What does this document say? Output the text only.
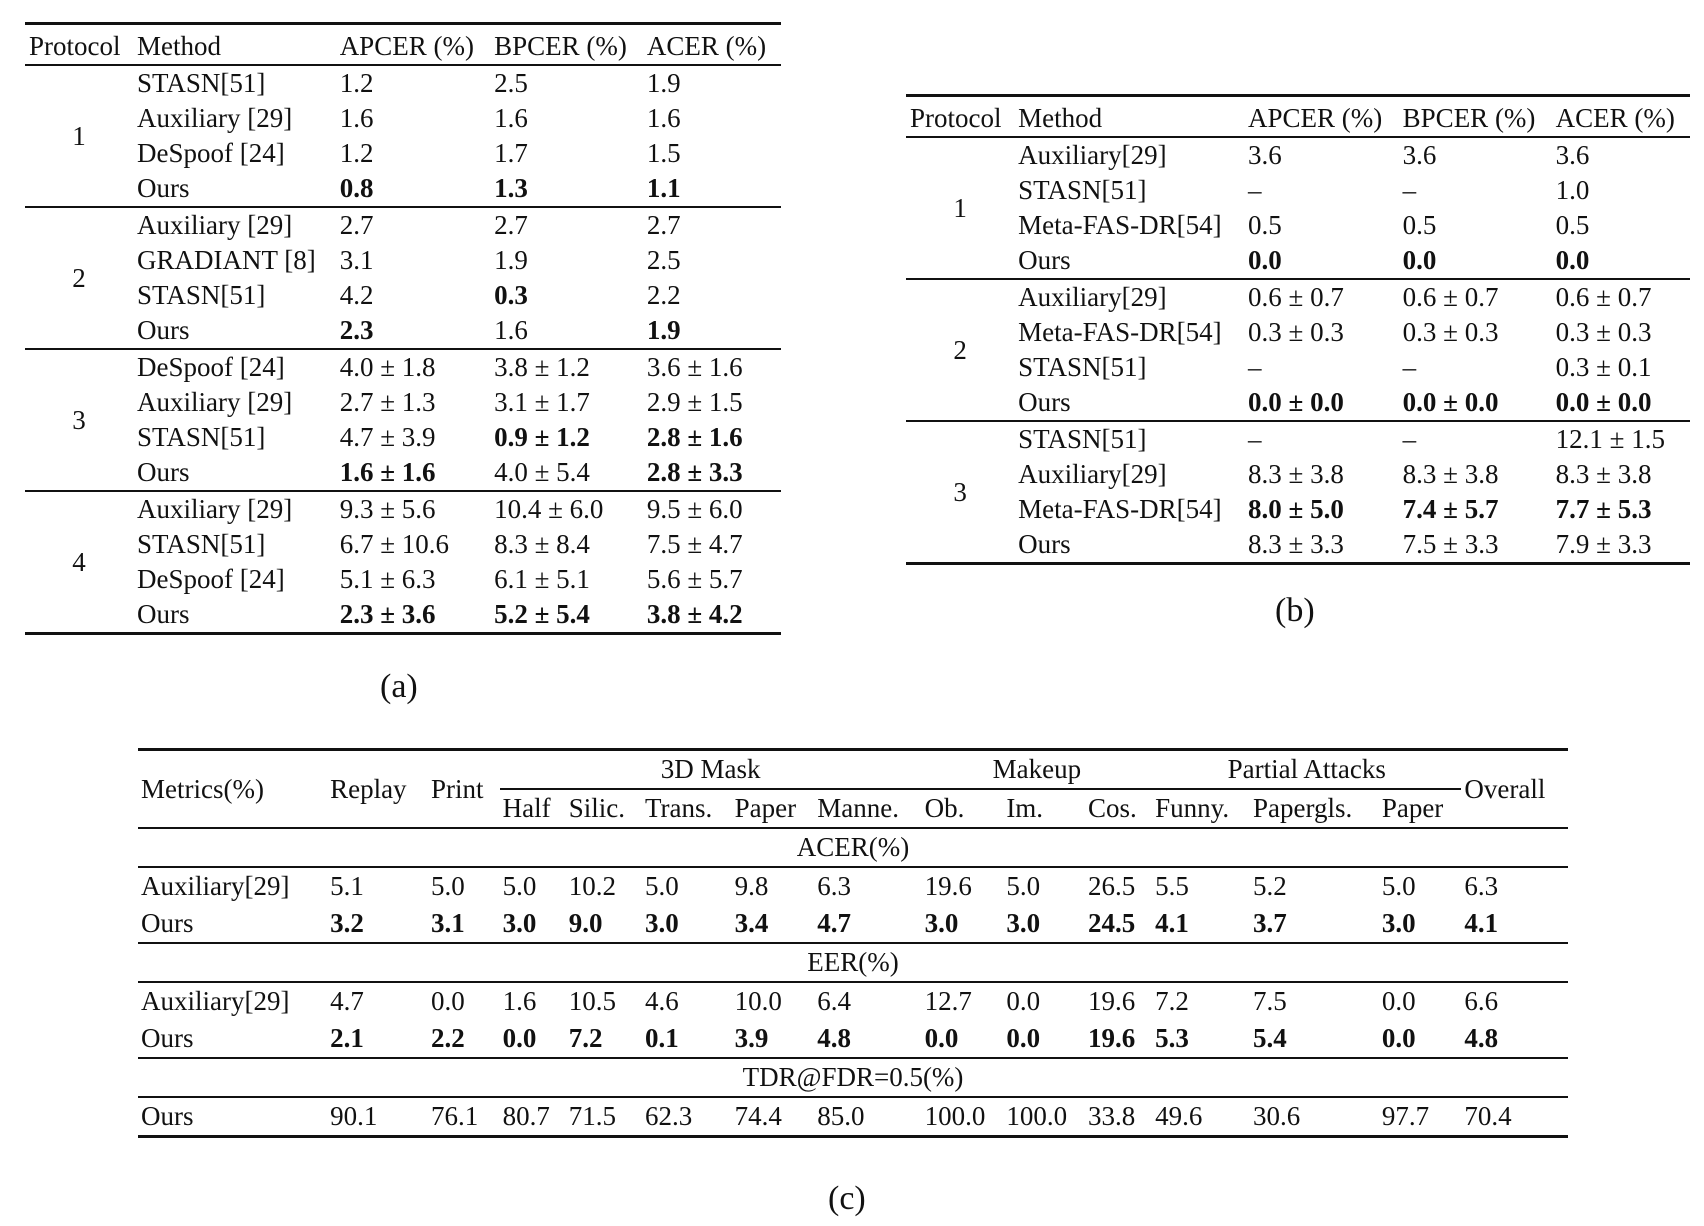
Protocol	Method	APCER (%)	BPCER (%)	ACER (%)
1	STASN[51]	1.2	2.5	1.9
	Auxiliary [29]	1.6	1.6	1.6
	DeSpoof [24]	1.2	1.7	1.5
	Ours	0.8	1.3	1.1
2	Auxiliary [29]	2.7	2.7	2.7
	GRADIANT [8]	3.1	1.9	2.5
	STASN[51]	4.2	0.3	2.2
	Ours	2.3	1.6	1.9
3	DeSpoof [24]	4.0 ± 1.8	3.8 ± 1.2	3.6 ± 1.6
	Auxiliary [29]	2.7 ± 1.3	3.1 ± 1.7	2.9 ± 1.5
	STASN[51]	4.7 ± 3.9	0.9 ± 1.2	2.8 ± 1.6
	Ours	1.6 ± 1.6	4.0 ± 5.4	2.8 ± 3.3
4	Auxiliary [29]	9.3 ± 5.6	10.4 ± 6.0	9.5 ± 6.0
	STASN[51]	6.7 ± 10.6	8.3 ± 8.4	7.5 ± 4.7
	DeSpoof [24]	5.1 ± 6.3	6.1 ± 5.1	5.6 ± 5.7
	Ours	2.3 ± 3.6	5.2 ± 5.4	3.8 ± 4.2
(a)
Protocol	Method	APCER (%)	BPCER (%)	ACER (%)
1	Auxiliary[29]	3.6	3.6	3.6
	STASN[51]	–	–	1.0
	Meta-FAS-DR[54]	0.5	0.5	0.5
	Ours	0.0	0.0	0.0
2	Auxiliary[29]	0.6 ± 0.7	0.6 ± 0.7	0.6 ± 0.7
	Meta-FAS-DR[54]	0.3 ± 0.3	0.3 ± 0.3	0.3 ± 0.3
	STASN[51]	–	–	0.3 ± 0.1
	Ours	0.0 ± 0.0	0.0 ± 0.0	0.0 ± 0.0
3	STASN[51]	–	–	12.1 ± 1.5
	Auxiliary[29]	8.3 ± 3.8	8.3 ± 3.8	8.3 ± 3.8
	Meta-FAS-DR[54]	8.0 ± 5.0	7.4 ± 5.7	7.7 ± 5.3
	Ours	8.3 ± 3.3	7.5 ± 3.3	7.9 ± 3.3
(b)
Metrics(%)	Replay	Print	3D Mask					Makeup			Partial Attacks			Overall
			Half	Silic.	Trans.	Paper	Manne.	Ob.	Im.	Cos.	Funny.	Papergls.	Paper	
ACER(%)														
Auxiliary[29]	5.1	5.0	5.0	10.2	5.0	9.8	6.3	19.6	5.0	26.5	5.5	5.2	5.0	6.3
Ours	3.2	3.1	3.0	9.0	3.0	3.4	4.7	3.0	3.0	24.5	4.1	3.7	3.0	4.1
EER(%)														
Auxiliary[29]	4.7	0.0	1.6	10.5	4.6	10.0	6.4	12.7	0.0	19.6	7.2	7.5	0.0	6.6
Ours	2.1	2.2	0.0	7.2	0.1	3.9	4.8	0.0	0.0	19.6	5.3	5.4	0.0	4.8
TDR@FDR=0.5(%)														
Ours	90.1	76.1	80.7	71.5	62.3	74.4	85.0	100.0	100.0	33.8	49.6	30.6	97.7	70.4
(c)
